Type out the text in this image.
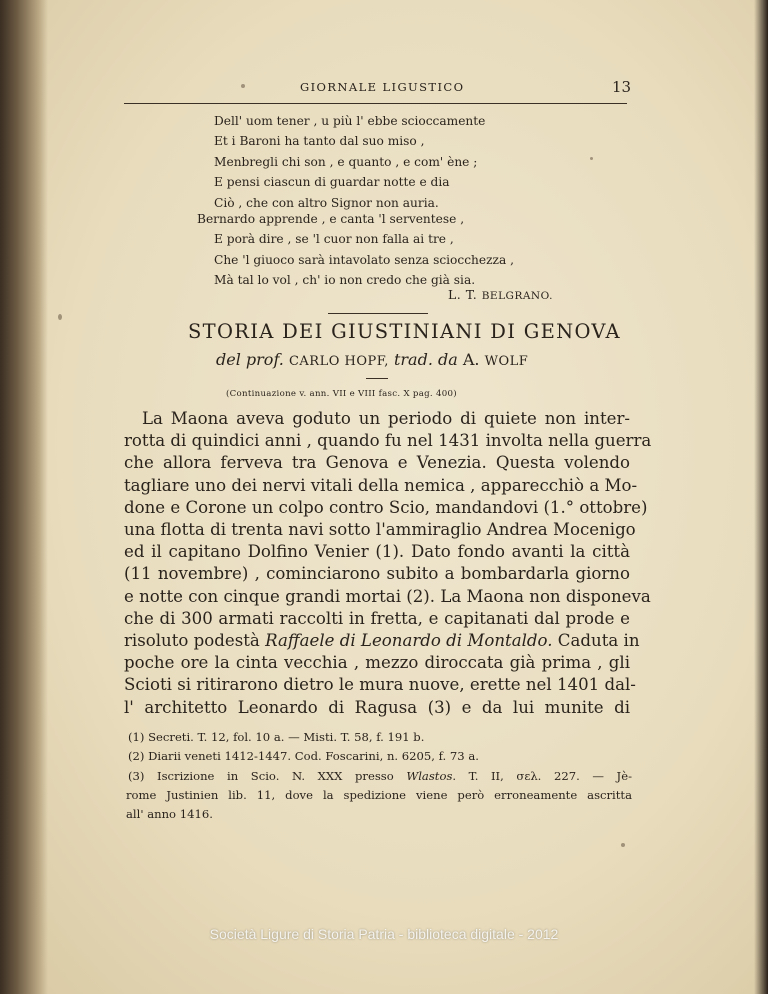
GIORNALE LIGUSTICO	13
Dell' uom tener , u più l' ebbe scioccamente
Et i Baroni ha tanto dal suo miso ,
Menbregli chi son , e quanto , e com' ène ;
E pensi ciascun di guardar notte e dia
Ciò , che con altro Signor non auria.
Bernardo apprende , e canta 'l serventese ,
E porà dire , se 'l cuor non falla ai tre ,
Che 'l giuoco sarà intavolato senza sciocchezza ,
Mà tal lo vol , ch' io non credo che già sia.
L. T. BELGRANO.
STORIA DEI GIUSTINIANI DI GENOVA
del prof. CARLO HOPF, trad. da A. WOLF
(Continuazione v. ann. VII e VIII fasc. X pag. 400)
La Maona aveva goduto un periodo di quiete non inter-
rotta di quindici anni , quando fu nel 1431 involta nella guerra
che allora ferveva tra Genova e Venezia. Questa volendo
tagliare uno dei nervi vitali della nemica , apparecchiò a Mo-
done e Corone un colpo contro Scio, mandandovi (1.° ottobre)
una flotta di trenta navi sotto l'ammiraglio Andrea Mocenigo
ed il capitano Dolfino Venier (1). Dato fondo avanti la città
(11 novembre) , cominciarono subito a bombardarla giorno
e notte con cinque grandi mortai (2). La Maona non disponeva
che di 300 armati raccolti in fretta, e capitanati dal prode e
risoluto podestà Raffaele di Leonardo di Montaldo. Caduta in
poche ore la cinta vecchia , mezzo diroccata già prima , gli
Scioti si ritirarono dietro le mura nuove, erette nel 1401 dal-
l' architetto Leonardo di Ragusa (3) e da lui munite di
(1) Secreti. T. 12, fol. 10 a. — Misti. T. 58, f. 191 b.
(2) Diarii veneti 1412-1447. Cod. Foscarini, n. 6205, f. 73 a.
(3) Iscrizione in Scio. N. XXX presso Wlastos. T. II, σελ. 227. — Jè-
rome Justinien lib. 11, dove la spedizione viene però erroneamente ascritta
all' anno 1416.
Società Ligure di Storia Patria - biblioteca digitale - 2012
